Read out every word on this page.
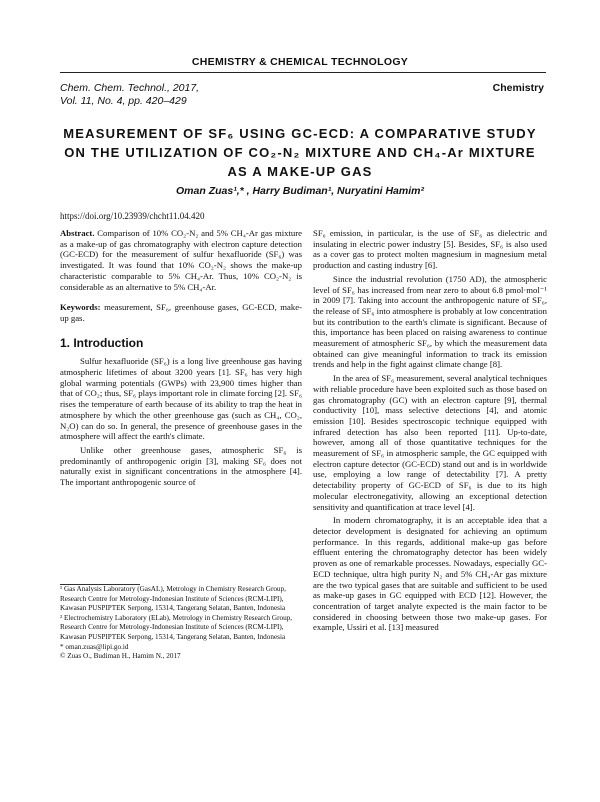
CHEMISTRY & CHEMICAL TECHNOLOGY
Chem. Chem. Technol., 2017,
Vol. 11, No. 4, pp. 420–429
Chemistry
MEASUREMENT OF SF₆ USING GC-ECD: A COMPARATIVE STUDY
ON THE UTILIZATION OF CO₂-N₂ MIXTURE AND CH₄-Ar MIXTURE
AS A MAKE-UP GAS
Oman Zuas¹,* , Harry Budiman¹, Nuryatini Hamim²
https://doi.org/10.23939/chcht11.04.420

Abstract. Comparison of 10% CO₂-N₂ and 5% CH₄-Ar gas mixture as a make-up of gas chromatography with electron capture detection (GC-ECD) for the measurement of sulfur hexafluoride (SF₆) was investigated. It was found that 10% CO₂-N₂ shows the make-up characteristic comparable to 5% CH₄-Ar. Thus, 10% CO₂-N₂ is considerable as an alternative to 5% CH₄-Ar.

Keywords: measurement, SF₆, greenhouse gases, GC-ECD, make-up gas.

1. Introduction

Sulfur hexafluoride (SF₆) is a long live greenhouse gas having atmospheric lifetimes of about 3200 years [1]. SF₆ has very high global warming potentials (GWPs) with 23,900 times higher than that of CO₂; thus, SF₆ plays important role in climate forcing [2]. SF₆ rises the temperature of earth because of its ability to trap the heat in atmosphere by which the other greenhouse gas (such as CH₄, CO₂, N₂O) can do so. In general, the presence of greenhouse gases in the atmosphere will affect the earth's climate.

Unlike other greenhouse gases, atmospheric SF₆ is predominantly of anthropogenic origin [3], making SF₆ does not naturally exist in significant concentrations in the atmosphere [4]. The important anthropogenic source of

¹ Gas Analysis Laboratory (GasAL), Metrology in Chemistry Research Group,
Research Centre for Metrology-Indonesian Institute of Sciences (RCM-LIPI),
Kawasan PUSPIPTEK Serpong, 15314, Tangerang Selatan, Banten, Indonesia
² Electrochemistry Laboratory (ELab), Metrology in Chemistry Research Group,
Research Centre for Metrology-Indonesian Institute of Sciences (RCM-LIPI),
Kawasan PUSPIPTEK Serpong, 15314, Tangerang Selatan, Banten, Indonesia
* oman.zuas@lipi.go.id
© Zuas O., Budiman H., Hamim N., 2017

SF₆ emission, in particular, is the use of SF₆ as dielectric and insulating in electric power industry [5]. Besides, SF₆ is also used as a cover gas to protect molten magnesium in magnesium metal production and casting industry [6].

Since the industrial revolution (1750 AD), the atmospheric level of SF₆ has increased from near zero to about 6.8 pmol·mol⁻¹ in 2009 [7]. Taking into account the anthropogenic nature of SF₆, the release of SF₆ into atmosphere is probably at low concentration but its contribution to the earth's climate is significant. Because of this, importance has been placed on raising awareness to continue measurement of atmospheric SF₆, by which the measurement data obtained can give meaningful information to track its emission trends and help in the fight against climate change [8].

In the area of SF₆ measurement, several analytical techniques with reliable procedure have been exploited such as those based on gas chromatography (GC) with an electron capture [9], thermal conductivity [10], mass selective detections [4], and atomic emission [10]. Besides spectroscopic technique equipped with infrared detection has also been reported [11]. Up-to-date, however, among all of those quantitative techniques for the measurement of SF₆ in atmospheric sample, the GC equipped with electron capture detector (GC-ECD) stand out and is in worldwide use, employing a low range of detectability [7]. A pretty detectability property of GC-ECD of SF₆ is due to its high molecular electronegativity, allowing an exceptional detection sensitivity and quantification at trace level [4].

In modern chromatography, it is an acceptable idea that a detector development is designated for achieving an optimum performance. In this regards, additional make-up gas before effluent entering the chromatography detector has been widely proven as one of remarkable processes. Nowadays, especially GC-ECD technique, ultra high purity N₂ and 5% CH₄-Ar gas mixture are the two typical gases that are suitable and sufficient to be used as make-up gases in GC equipped with ECD [12]. However, the concentration of target analyte expected is the main factor to be considered in choosing between those two make-up gases. For example, Ussiri et al. [13] measured
